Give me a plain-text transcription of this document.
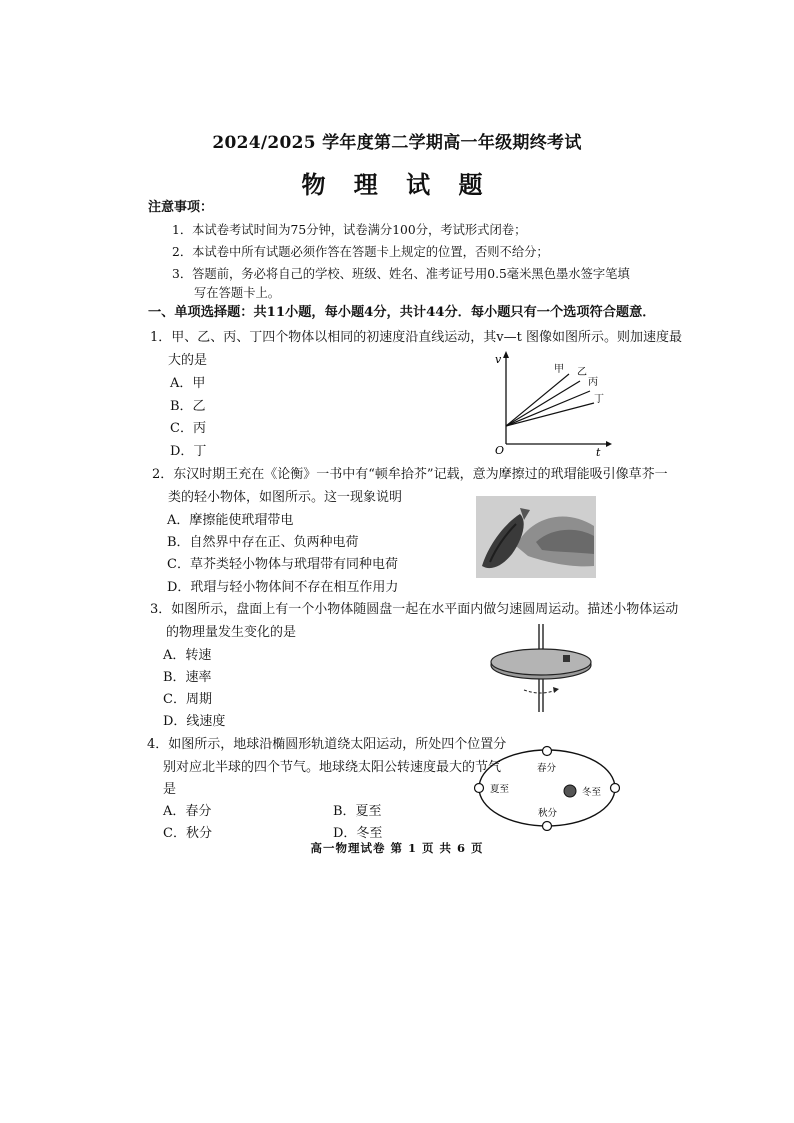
2024/2025 学年度第二学期高一年级期终考试
物 理 试 题
注意事项：
1．本试卷考试时间为75分钟，试卷满分100分，考试形式闭卷；
2．本试卷中所有试题必须作答在答题卡上规定的位置，否则不给分；
3．答题前，务必将自己的学校、班级、姓名、准考证号用0.5毫米黑色墨水签字笔填
写在答题卡上。
一、单项选择题：共11小题，每小题4分，共计44分．每小题只有一个选项符合题意．
1．甲、乙、丙、丁四个物体以相同的初速度沿直线运动，其v—t 图像如图所示。则加速度最
大的是
A．甲
B．乙
C．丙
D．丁
v
t
O
甲 乙
丙
丁
2．东汉时期王充在《论衡》一书中有“顿牟拾芥”记载，意为摩擦过的玳瑁能吸引像草芥一
类的轻小物体，如图所示。这一现象说明
A．摩擦能使玳瑁带电
B．自然界中存在正、负两种电荷
C．草芥类轻小物体与玳瑁带有同种电荷
D．玳瑁与轻小物体间不存在相互作用力
3．如图所示，盘面上有一个小物体随圆盘一起在水平面内做匀速圆周运动。描述小物体运动
的物理量发生变化的是
A．转速
B．速率
C．周期
D．线速度
4．如图所示，地球沿椭圆形轨道绕太阳运动，所处四个位置分
别对应北半球的四个节气。地球绕太阳公转速度最大的节气
是
A．春分	B．夏至
C．秋分	D．冬至
春分
夏至	冬至
秋分
高一物理试卷 第 1 页 共 6 页
